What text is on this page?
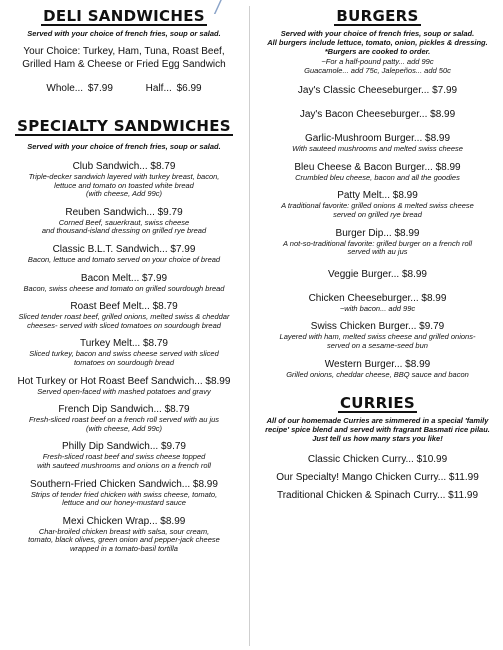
/
DELI SANDWICHES
Served with your choice of french fries, soup or salad.
Your Choice: Turkey, Ham, Tuna, Roast Beef,
Grilled Ham & Cheese or Fried Egg Sandwich
Whole... $7.99	Half... $6.99
SPECIALTY SANDWICHES
Served with your choice of french fries, soup or salad.
Club Sandwich... $8.79
Triple-decker sandwich layered with turkey breast, bacon,
lettuce and tomato on toasted white bread
(with cheese, Add 99c)
Reuben Sandwich... $9.79
Corned Beef, sauerkraut, swiss cheese
and thousand-island dressing on grilled rye bread
Classic B.L.T. Sandwich... $7.99
Bacon, lettuce and tomato served on your choice of bread
Bacon Melt... $7.99
Bacon, swiss cheese and tomato on grilled sourdough bread
Roast Beef Melt... $8.79
Sliced tender roast beef, grilled onions, melted swiss & cheddar
cheeses- served with sliced tomatoes on sourdough bread
Turkey Melt... $8.79
Sliced turkey, bacon and swiss cheese served with sliced
tomatoes on sourdough bread
Hot Turkey or Hot Roast Beef Sandwich... $8.99
Served open-faced with mashed potatoes and gravy
French Dip Sandwich... $8.79
Fresh-sliced roast beef on a french roll served with au jus
(with cheese, Add 99c)
Philly Dip Sandwich... $9.79
Fresh-sliced roast beef and swiss cheese topped
with sauteed mushrooms and onions on a french roll
Southern-Fried Chicken Sandwich... $8.99
Strips of tender fried chicken with swiss cheese, tomato,
lettuce and our honey-mustard sauce
Mexi Chicken Wrap... $8.99
Char-broiled chicken breast with salsa, sour cream,
tomato, black olives, green onion and pepper-jack cheese
wrapped in a tomato-basil tortilla
BURGERS
Served with your choice of french fries, soup or salad.
All burgers include lettuce, tomato, onion, pickles & dressing.
*Burgers are cooked to order.
~For a half-pound patty... add 99c
Guacamole... add 75c, Jalepeños... add 50c
Jay's Classic Cheeseburger... $7.99
Jay's Bacon Cheeseburger... $8.99
Garlic-Mushroom Burger... $8.99
With sauteed mushrooms and melted swiss cheese
Bleu Cheese & Bacon Burger... $8.99
Crumbled bleu cheese, bacon and all the goodies
Patty Melt... $8.99
A traditional favorite: grilled onions & melted swiss cheese
served on grilled rye bread
Burger Dip... $8.99
A not-so-traditional favorite: grilled burger on a french roll
served with au jus
Veggie Burger... $8.99
Chicken Cheeseburger... $8.99
~with bacon... add 99c
Swiss Chicken Burger... $9.79
Layered with ham, melted swiss cheese and grilled onions-
served on a sesame-seed bun
Western Burger... $8.99
Grilled onions, cheddar cheese, BBQ sauce and bacon
CURRIES
All of our homemade Curries are simmered in a special 'family
recipe' spice blend and served with fragrant Basmati rice pilau.
Just tell us how many stars you like!
Classic Chicken Curry... $10.99
Our Specialty! Mango Chicken Curry... $11.99
Traditional Chicken & Spinach Curry... $11.99
